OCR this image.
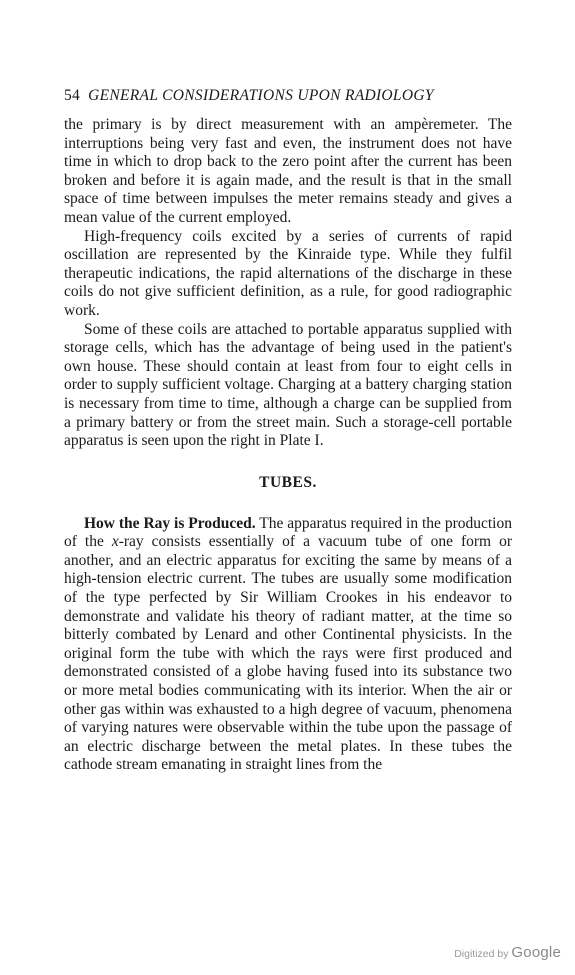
54 GENERAL CONSIDERATIONS UPON RADIOLOGY

the primary is by direct measurement with an ampèremeter. The interruptions being very fast and even, the instrument does not have time in which to drop back to the zero point after the current has been broken and before it is again made, and the result is that in the small space of time between impulses the meter remains steady and gives a mean value of the current employed.

High-frequency coils excited by a series of currents of rapid oscillation are represented by the Kinraide type. While they fulfil therapeutic indications, the rapid alternations of the discharge in these coils do not give sufficient definition, as a rule, for good radiographic work.

Some of these coils are attached to portable apparatus supplied with storage cells, which has the advantage of being used in the patient's own house. These should contain at least from four to eight cells in order to supply sufficient voltage. Charging at a battery charging station is necessary from time to time, although a charge can be supplied from a primary battery or from the street main. Such a storage-cell portable apparatus is seen upon the right in Plate I.

TUBES.

How the Ray is Produced. The apparatus required in the production of the x-ray consists essentially of a vacuum tube of one form or another, and an electric apparatus for exciting the same by means of a high-tension electric current. The tubes are usually some modification of the type perfected by Sir William Crookes in his endeavor to demonstrate and validate his theory of radiant matter, at the time so bitterly combated by Lenard and other Continental physicists. In the original form the tube with which the rays were first produced and demonstrated consisted of a globe having fused into its substance two or more metal bodies communicating with its interior. When the air or other gas within was exhausted to a high degree of vacuum, phenomena of varying natures were observable within the tube upon the passage of an electric discharge between the metal plates. In these tubes the cathode stream emanating in straight lines from the

Digitized by Google
